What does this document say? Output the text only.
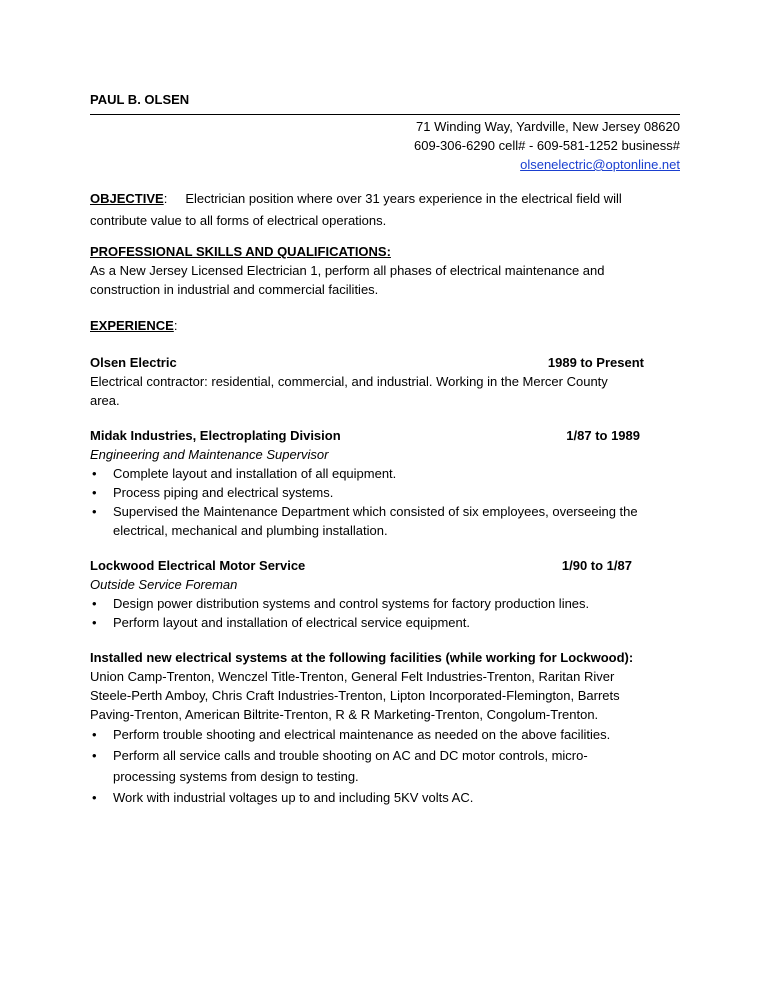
PAUL B. OLSEN
71 Winding Way, Yardville, New Jersey 08620
609-306-6290 cell# - 609-581-1252 business#
olsenelectric@optonline.net
OBJECTIVE: Electrician position where over 31 years experience in the electrical field will
contribute value to all forms of electrical operations.
PROFESSIONAL SKILLS AND QUALIFICATIONS:
As a New Jersey Licensed Electrician 1, perform all phases of electrical maintenance and
construction in industrial and commercial facilities.
EXPERIENCE:
Olsen Electric	1989 to Present
Electrical contractor: residential, commercial, and industrial. Working in the Mercer County
area.
Midak Industries, Electroplating Division	1/87 to 1989
Engineering and Maintenance Supervisor
• Complete layout and installation of all equipment.
• Process piping and electrical systems.
• Supervised the Maintenance Department which consisted of six employees, overseeing the
electrical, mechanical and plumbing installation.
Lockwood Electrical Motor Service	1/90 to 1/87
Outside Service Foreman
• Design power distribution systems and control systems for factory production lines.
• Perform layout and installation of electrical service equipment.
Installed new electrical systems at the following facilities (while working for Lockwood):
Union Camp-Trenton, Wenczel Title-Trenton, General Felt Industries-Trenton, Raritan River
Steele-Perth Amboy, Chris Craft Industries-Trenton, Lipton Incorporated-Flemington, Barrets
Paving-Trenton, American Biltrite-Trenton, R & R Marketing-Trenton, Congolum-Trenton.
• Perform trouble shooting and electrical maintenance as needed on the above facilities.
• Perform all service calls and trouble shooting on AC and DC motor controls, micro-
processing systems from design to testing.
• Work with industrial voltages up to and including 5KV volts AC.
